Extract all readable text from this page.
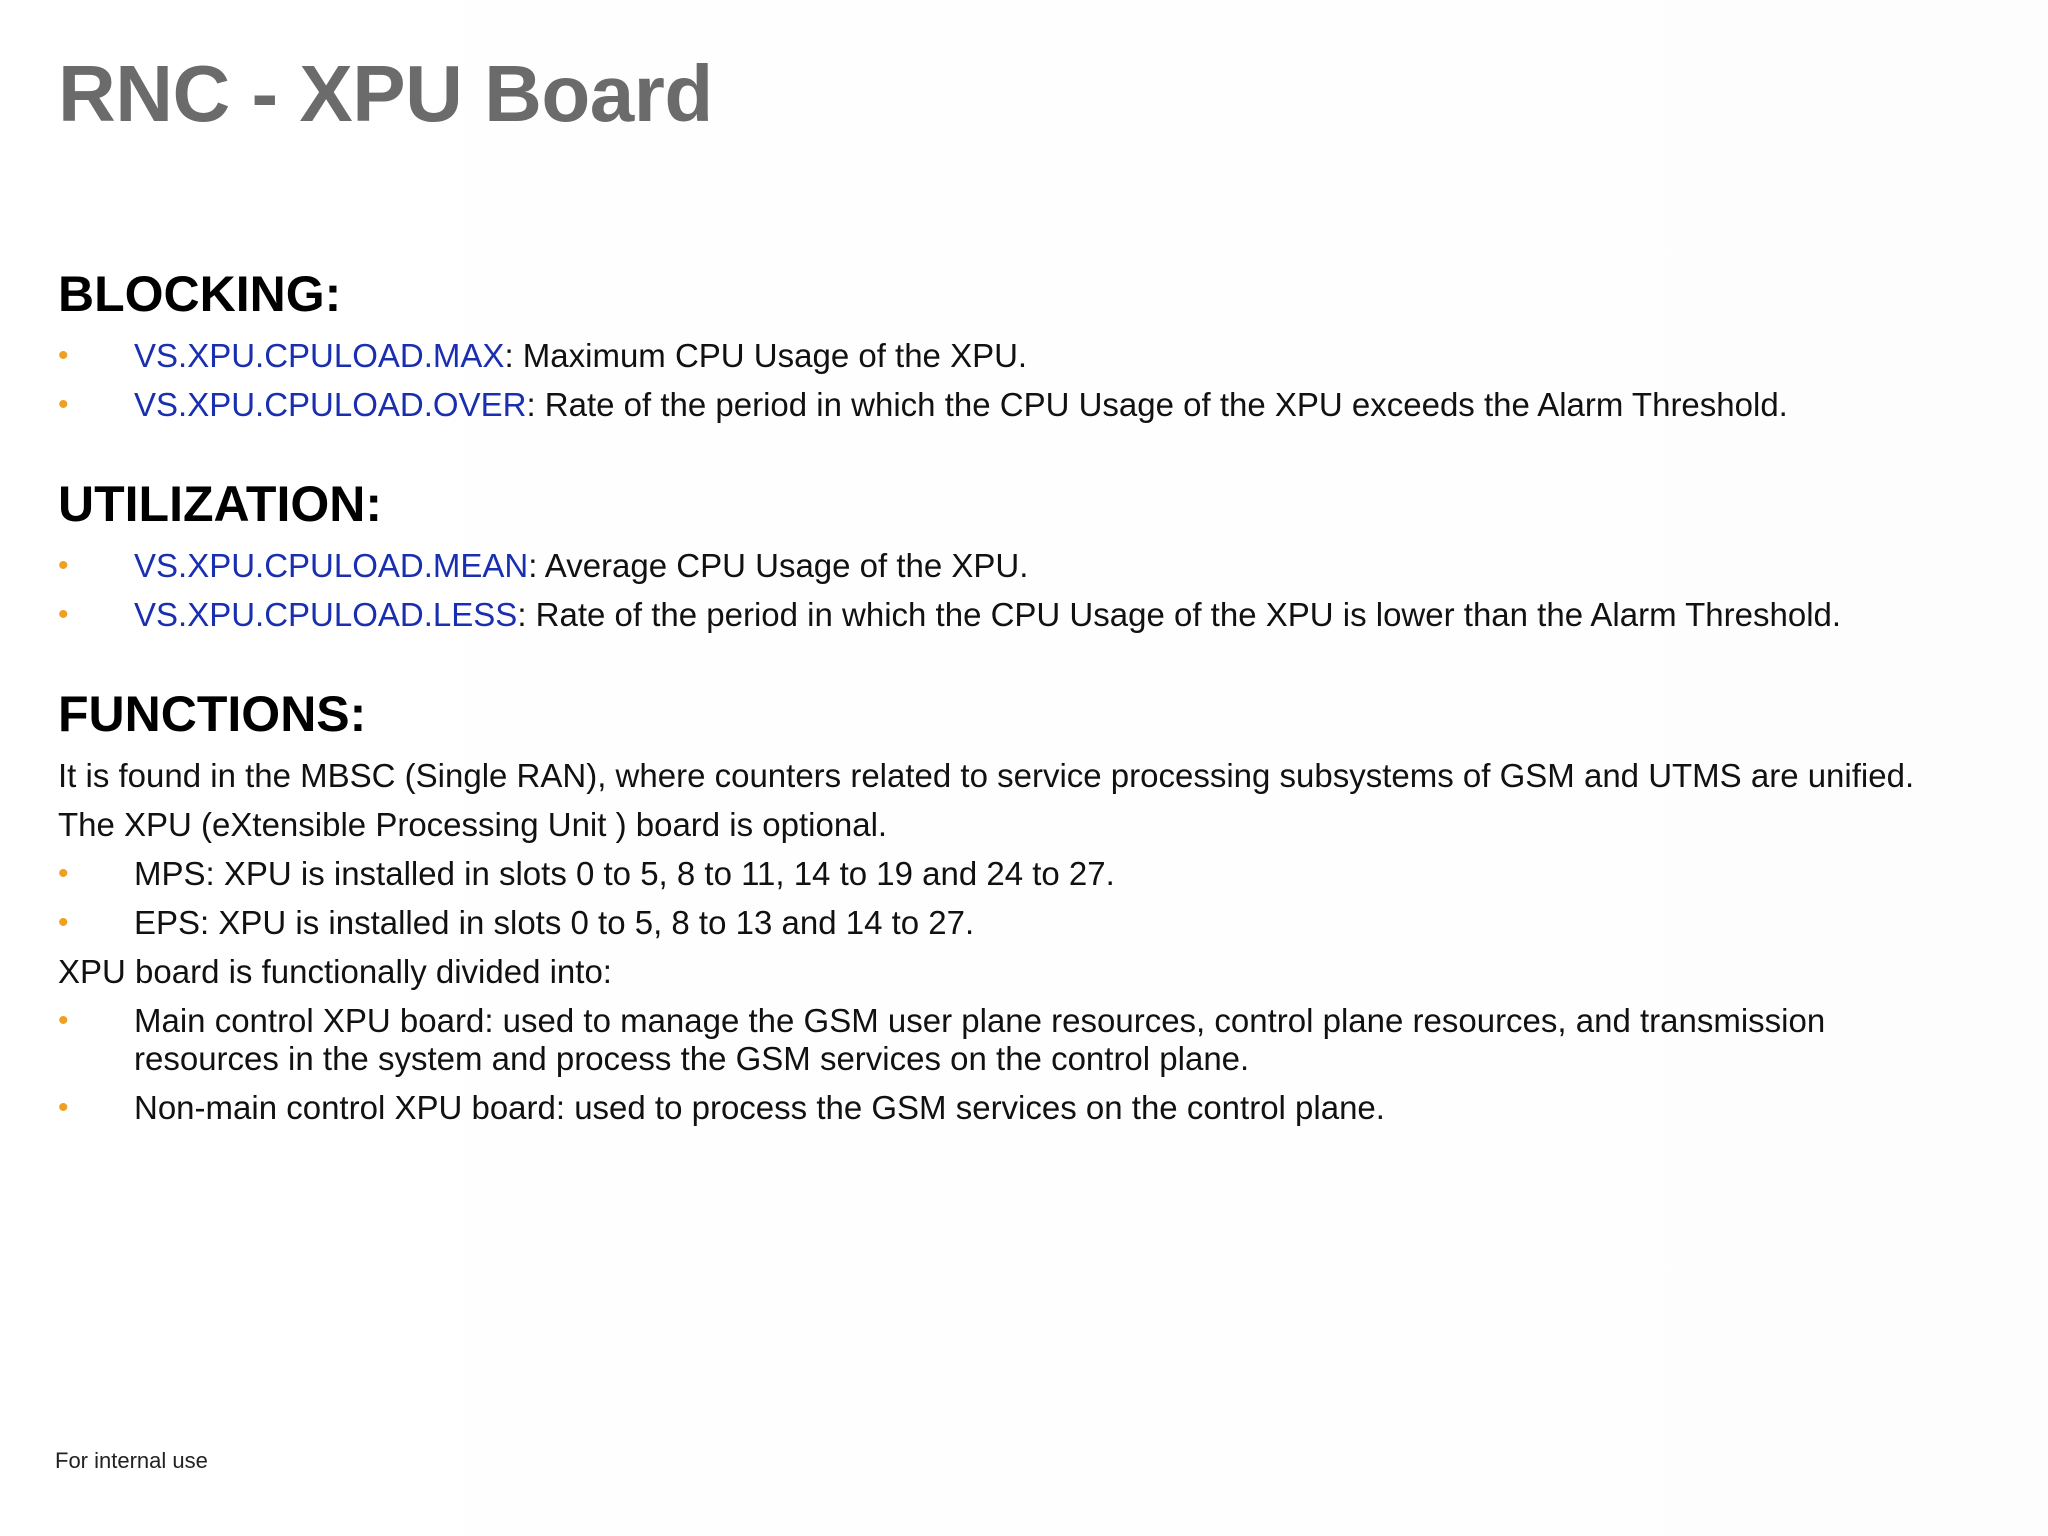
RNC - XPU Board
BLOCKING:
• VS.XPU.CPULOAD.MAX: Maximum CPU Usage of the XPU.
• VS.XPU.CPULOAD.OVER: Rate of the period in which the CPU Usage of the XPU exceeds the Alarm Threshold.
UTILIZATION:
• VS.XPU.CPULOAD.MEAN: Average CPU Usage of the XPU.
• VS.XPU.CPULOAD.LESS: Rate of the period in which the CPU Usage of the XPU is lower than the Alarm Threshold.
FUNCTIONS:
It is found in the MBSC (Single RAN), where counters related to service processing subsystems of GSM and UTMS are unified.
The XPU (eXtensible Processing Unit ) board is optional.
• MPS: XPU is installed in slots 0 to 5, 8 to 11, 14 to 19 and 24 to 27.
• EPS: XPU is installed in slots 0 to 5, 8 to 13 and 14 to 27.
XPU board is functionally divided into:
• Main control XPU board: used to manage the GSM user plane resources, control plane resources, and transmission resources in the system and process the GSM services on the control plane.
• Non-main control XPU board: used to process the GSM services on the control plane.
For internal use
